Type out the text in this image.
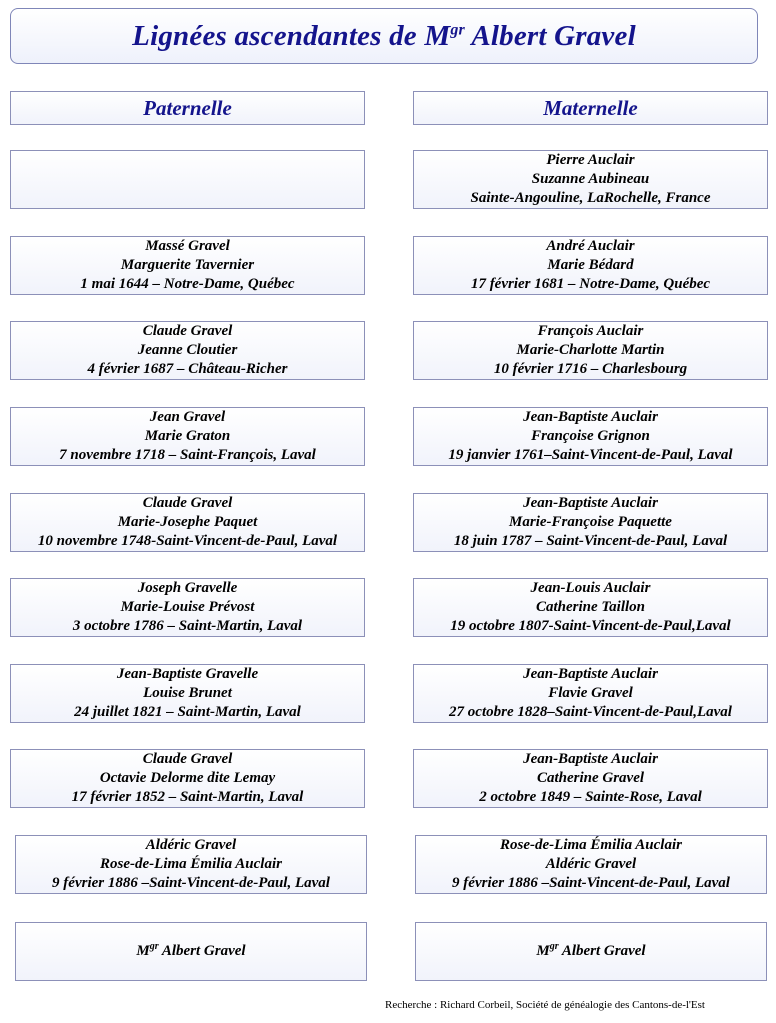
Lignées ascendantes de $M^{gr}$ Albert Gravel
Paternelle	Maternelle
Massé Gravel
Marguerite Tavernier
1 mai 1644 – Notre-Dame, Québec
Claude Gravel
Jeanne Cloutier
4 février 1687 – Château-Richer
Jean Gravel
Marie Graton
7 novembre 1718 – Saint-François, Laval
Claude Gravel
Marie-Josephe Paquet
10 novembre 1748-Saint-Vincent-de-Paul, Laval
Joseph Gravelle
Marie-Louise Prévost
3 octobre 1786 – Saint-Martin, Laval
Jean-Baptiste Gravelle
Louise Brunet
24 juillet 1821 – Saint-Martin, Laval
Claude Gravel
Octavie Delorme dite Lemay
17 février 1852 – Saint-Martin, Laval
Aldéric Gravel
Rose-de-Lima Émilia Auclair
9 février 1886 –Saint-Vincent-de-Paul, Laval
Pierre Auclair
Suzanne Aubineau
Sainte-Angouline, LaRochelle, France
André Auclair
Marie Bédard
17 février 1681 – Notre-Dame, Québec
François Auclair
Marie-Charlotte Martin
10 février 1716 – Charlesbourg
Jean-Baptiste Auclair
Françoise Grignon
19 janvier 1761–Saint-Vincent-de-Paul, Laval
Jean-Baptiste Auclair
Marie-Françoise Paquette
18 juin 1787 – Saint-Vincent-de-Paul, Laval
Jean-Louis Auclair
Catherine Taillon
19 octobre 1807-Saint-Vincent-de-Paul,Laval
Jean-Baptiste Auclair
Flavie Gravel
27 octobre 1828–Saint-Vincent-de-Paul,Laval
Jean-Baptiste Auclair
Catherine Gravel
2 octobre 1849 – Sainte-Rose, Laval
Rose-de-Lima Émilia Auclair
Aldéric Gravel
9 février 1886 –Saint-Vincent-de-Paul, Laval
$M^{gr}$ Albert Gravel	$M^{gr}$ Albert Gravel
Recherche : Richard Corbeil, Société de généalogie des Cantons-de-l'Est
